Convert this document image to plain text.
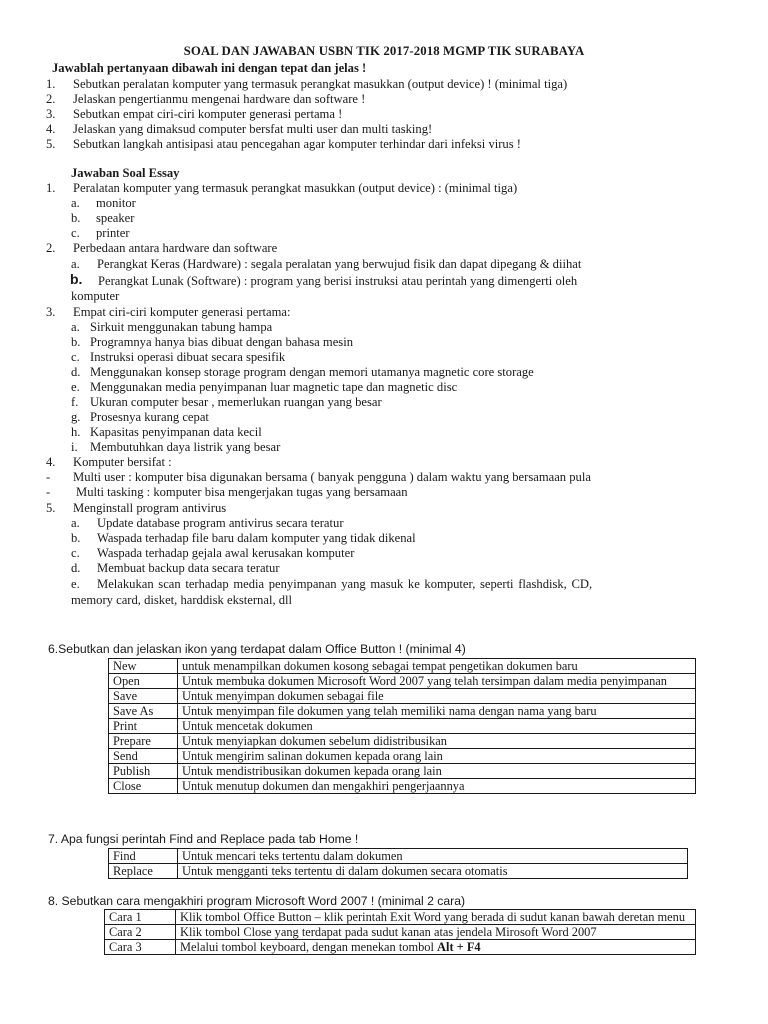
SOAL DAN JAWABAN USBN TIK 2017-2018 MGMP TIK SURABAYA
Jawablah pertanyaan dibawah ini dengan tepat dan jelas !
1. Sebutkan peralatan komputer yang termasuk perangkat masukkan (output device) ! (minimal tiga)
2. Jelaskan pengertianmu mengenai hardware dan software !
3. Sebutkan empat ciri-ciri komputer generasi pertama !
4. Jelaskan yang dimaksud computer bersfat multi user dan multi tasking!
5. Sebutkan langkah antisipasi atau pencegahan agar komputer terhindar dari infeksi virus !
Jawaban Soal Essay
1. Peralatan komputer yang termasuk perangkat masukkan (output device) : (minimal tiga)
a. monitor
b. speaker
c. printer
2. Perbedaan antara hardware dan software
a. Perangkat Keras (Hardware) : segala peralatan yang berwujud fisik dan dapat dipegang & diihat
b. Perangkat Lunak (Software) : program yang berisi instruksi atau perintah yang dimengerti oleh
komputer
3. Empat ciri-ciri komputer generasi pertama:
a. Sirkuit menggunakan tabung hampa
b. Programnya hanya bias dibuat dengan bahasa mesin
c. Instruksi operasi dibuat secara spesifik
d. Menggunakan konsep storage program dengan memori utamanya magnetic core storage
e. Menggunakan media penyimpanan luar magnetic tape dan magnetic disc
f. Ukuran computer besar , memerlukan ruangan yang besar
g. Prosesnya kurang cepat
h. Kapasitas penyimpanan data kecil
i. Membutuhkan daya listrik yang besar
4. Komputer bersifat :
- Multi user : komputer bisa digunakan bersama ( banyak pengguna ) dalam waktu yang bersamaan pula
- Multi tasking : komputer bisa mengerjakan tugas yang bersamaan
5. Menginstall program antivirus
a. Update database program antivirus secara teratur
b. Waspada terhadap file baru dalam komputer yang tidak dikenal
c. Waspada terhadap gejala awal kerusakan komputer
d. Membuat backup data secara teratur
e. Melakukan scan terhadap media penyimpanan yang masuk ke komputer, seperti flashdisk, CD,
memory card, disket, harddisk eksternal, dll
6.Sebutkan dan jelaskan ikon yang terdapat dalam Office Button ! (minimal 4)
New	untuk menampilkan dokumen kosong sebagai tempat pengetikan dokumen baru
Open	Untuk membuka dokumen Microsoft Word 2007 yang telah tersimpan dalam media penyimpanan
Save	Untuk menyimpan dokumen sebagai file
Save As	Untuk menyimpan file dokumen yang telah memiliki nama dengan nama yang baru
Print	Untuk mencetak dokumen
Prepare	Untuk menyiapkan dokumen sebelum didistribusikan
Send	Untuk mengirim salinan dokumen kepada orang lain
Publish	Untuk mendistribusikan dokumen kepada orang lain
Close	Untuk menutup dokumen dan mengakhiri pengerjaannya
7. Apa fungsi perintah Find and Replace pada tab Home !
Find	Untuk mencari teks tertentu dalam dokumen
Replace	Untuk mengganti teks tertentu di dalam dokumen secara otomatis
8. Sebutkan cara mengakhiri program Microsoft Word 2007 ! (minimal 2 cara)
Cara 1	Klik tombol Office Button – klik perintah Exit Word yang berada di sudut kanan bawah deretan menu
Cara 2	Klik tombol Close yang terdapat pada sudut kanan atas jendela Mirosoft Word 2007
Cara 3	Melalui tombol keyboard, dengan menekan tombol Alt + F4
